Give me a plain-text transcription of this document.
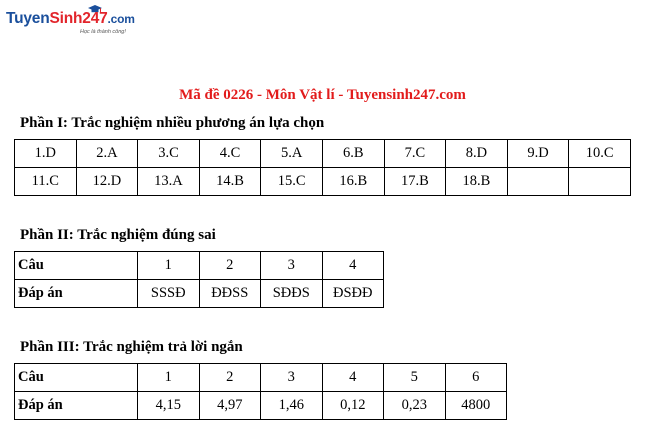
TuyenSinh247.com
Học là thành công!
Mã đề 0226 - Môn Vật lí - Tuyensinh247.com
Phần I: Trắc nghiệm nhiều phương án lựa chọn
1.D	2.A	3.C	4.C	5.A	6.B	7.C	8.D	9.D	10.C
11.C	12.D	13.A	14.B	15.C	16.B	17.B	18.B		
Phần II: Trắc nghiệm đúng sai
Câu	1	2	3	4
Đáp án	SSSĐ	ĐĐSS	SĐĐS	ĐSĐĐ
Phần III: Trắc nghiệm trả lời ngắn
Câu	1	2	3	4	5	6
Đáp án	4,15	4,97	1,46	0,12	0,23	4800
